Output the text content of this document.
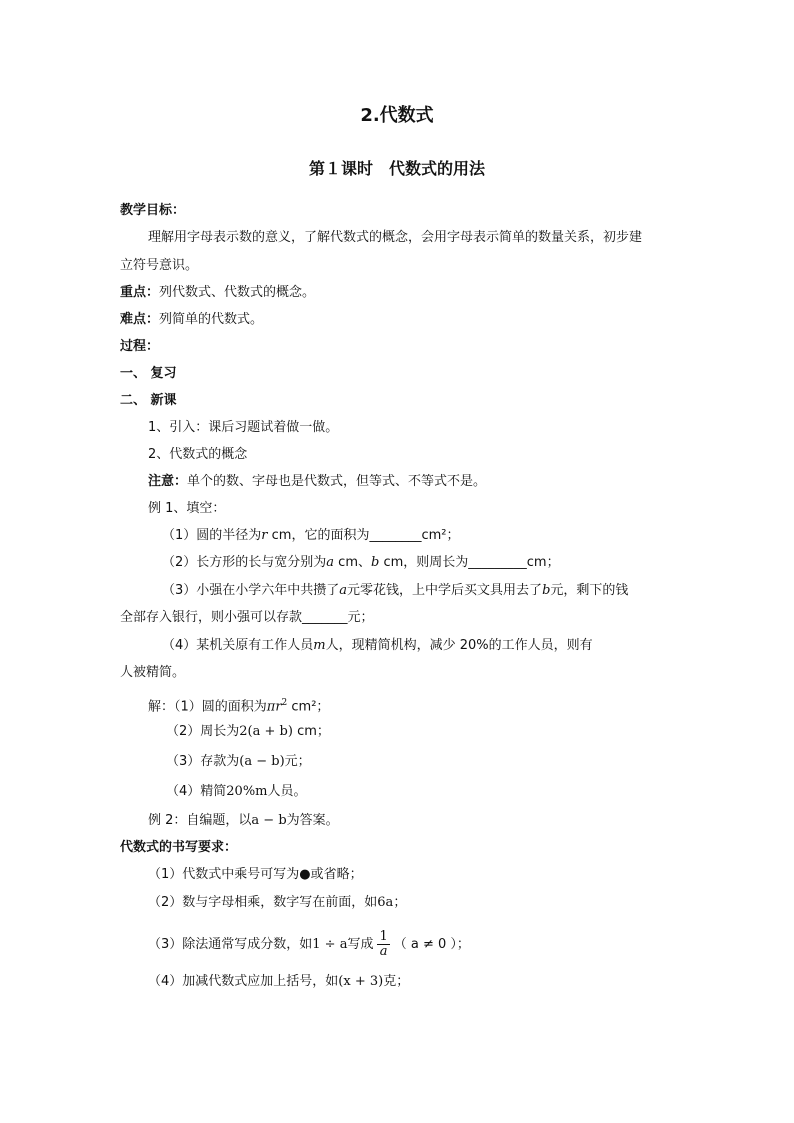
2.代数式
第１课时　代数式的用法
教学目标：
理解用字母表示数的意义，了解代数式的概念，会用字母表示简单的数量关系，初步建
立符号意识。
重点：列代数式、代数式的概念。
难点：列简单的代数式。
过程：
一、 复习
二、 新课
1、引入：课后习题试着做一做。
2、代数式的概念
注意：单个的数、字母也是代数式，但等式、不等式不是。
例 1、填空：
（1）圆的半径为r cm，它的面积为________cm²；
（2）长方形的长与宽分别为a cm、b cm，则周长为_________cm；
（3）小强在小学六年中共攒了a元零花钱，上中学后买文具用去了b元，剩下的钱
全部存入银行，则小强可以存款_______元；
（4）某机关原有工作人员m人，现精简机构，减少 20%的工作人员，则有
人被精简。
解：（1）圆的面积为$\pi r^2$ cm²；
（2）周长为2(a + b) cm；
（3）存款为(a − b)元；
（4）精简20%m人员。
例 2：自编题，以a − b为答案。
代数式的书写要求：
（1）代数式中乘号可写为●或省略；
（2）数与字母相乘，数字写在前面，如6a；
（3）除法通常写成分数，如1 ÷ a写成 $\frac{1}{a}$ （ a ≠ 0 ）；
（4）加减代数式应加上括号，如(x + 3)克；
